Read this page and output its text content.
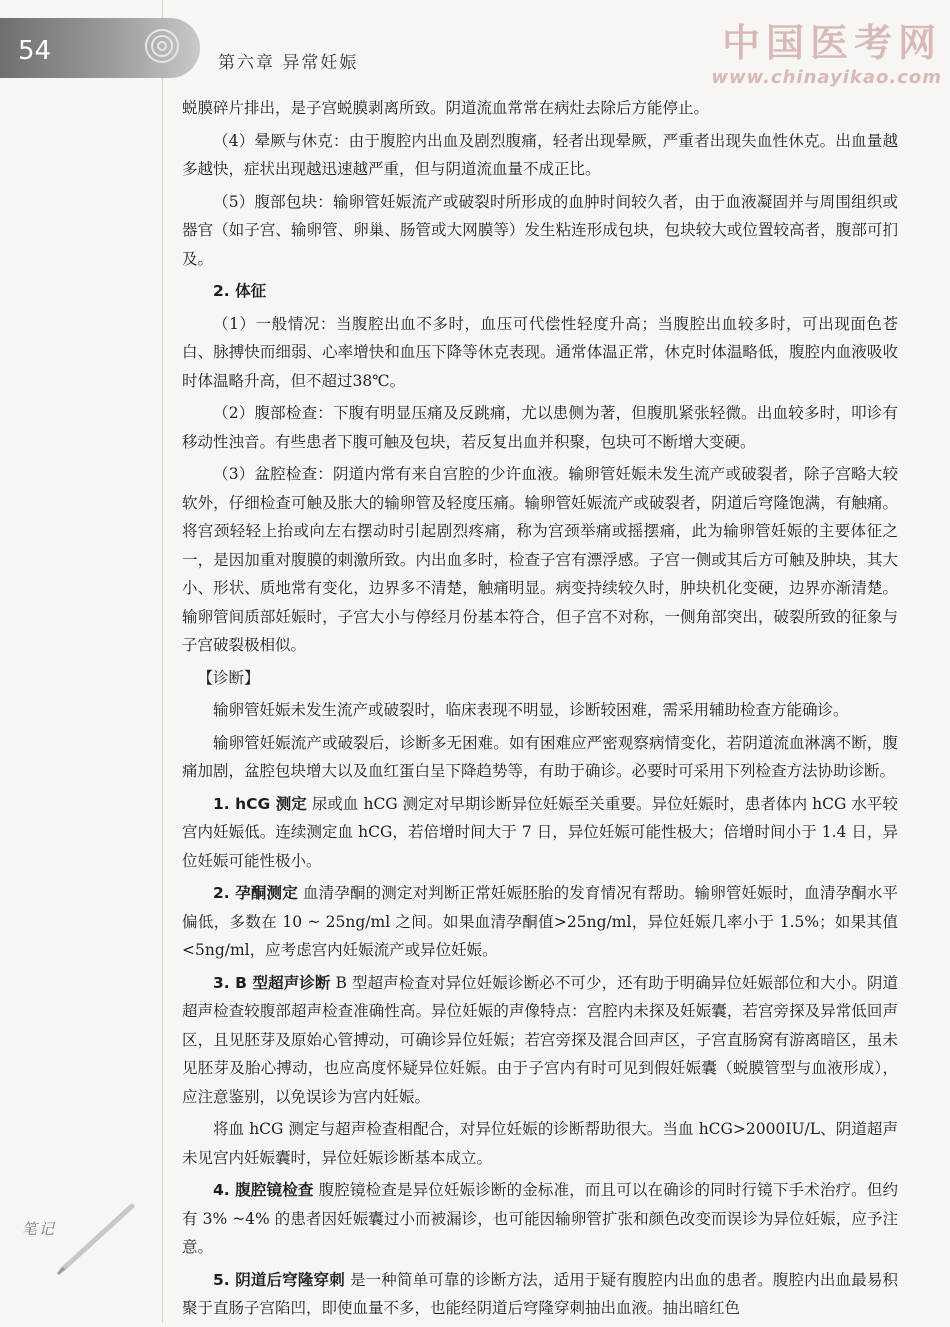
54	第六章 异常妊娠	中国医考网
www.chinayikao.com

蜕膜碎片排出，是子宫蜕膜剥离所致。阴道流血常常在病灶去除后方能停止。

（4）晕厥与休克：由于腹腔内出血及剧烈腹痛，轻者出现晕厥，严重者出现失血性休克。出血量越多越快，症状出现越迅速越严重，但与阴道流血量不成正比。

（5）腹部包块：输卵管妊娠流产或破裂时所形成的血肿时间较久者，由于血液凝固并与周围组织或器官（如子宫、输卵管、卵巢、肠管或大网膜等）发生粘连形成包块，包块较大或位置较高者，腹部可扪及。

2. 体征

（1）一般情况：当腹腔出血不多时，血压可代偿性轻度升高；当腹腔出血较多时，可出现面色苍白、脉搏快而细弱、心率增快和血压下降等休克表现。通常体温正常，休克时体温略低，腹腔内血液吸收时体温略升高，但不超过38℃。

（2）腹部检查：下腹有明显压痛及反跳痛，尤以患侧为著，但腹肌紧张轻微。出血较多时，叩诊有移动性浊音。有些患者下腹可触及包块，若反复出血并积聚，包块可不断增大变硬。

（3）盆腔检查：阴道内常有来自宫腔的少许血液。输卵管妊娠未发生流产或破裂者，除子宫略大较软外，仔细检查可触及胀大的输卵管及轻度压痛。输卵管妊娠流产或破裂者，阴道后穹隆饱满，有触痛。将宫颈轻轻上抬或向左右摆动时引起剧烈疼痛，称为宫颈举痛或摇摆痛，此为输卵管妊娠的主要体征之一，是因加重对腹膜的刺激所致。内出血多时，检查子宫有漂浮感。子宫一侧或其后方可触及肿块，其大小、形状、质地常有变化，边界多不清楚，触痛明显。病变持续较久时，肿块机化变硬，边界亦渐清楚。输卵管间质部妊娠时，子宫大小与停经月份基本符合，但子宫不对称，一侧角部突出，破裂所致的征象与子宫破裂极相似。

【诊断】

输卵管妊娠未发生流产或破裂时，临床表现不明显，诊断较困难，需采用辅助检查方能确诊。

输卵管妊娠流产或破裂后，诊断多无困难。如有困难应严密观察病情变化，若阴道流血淋漓不断，腹痛加剧，盆腔包块增大以及血红蛋白呈下降趋势等，有助于确诊。必要时可采用下列检查方法协助诊断。

1. hCG 测定 尿或血 hCG 测定对早期诊断异位妊娠至关重要。异位妊娠时，患者体内 hCG 水平较宫内妊娠低。连续测定血 hCG，若倍增时间大于 7 日，异位妊娠可能性极大；倍增时间小于 1.4 日，异位妊娠可能性极小。

2. 孕酮测定 血清孕酮的测定对判断正常妊娠胚胎的发育情况有帮助。输卵管妊娠时，血清孕酮水平偏低，多数在 10 ~ 25ng/ml 之间。如果血清孕酮值>25ng/ml，异位妊娠几率小于 1.5%；如果其值<5ng/ml，应考虑宫内妊娠流产或异位妊娠。

3. B 型超声诊断 B 型超声检查对异位妊娠诊断必不可少，还有助于明确异位妊娠部位和大小。阴道超声检查较腹部超声检查准确性高。异位妊娠的声像特点：宫腔内未探及妊娠囊，若宫旁探及异常低回声区，且见胚芽及原始心管搏动，可确诊异位妊娠；若宫旁探及混合回声区，子宫直肠窝有游离暗区，虽未见胚芽及胎心搏动，也应高度怀疑异位妊娠。由于子宫内有时可见到假妊娠囊（蜕膜管型与血液形成），应注意鉴别，以免误诊为宫内妊娠。

将血 hCG 测定与超声检查相配合，对异位妊娠的诊断帮助很大。当血 hCG>2000IU/L、阴道超声未见宫内妊娠囊时，异位妊娠诊断基本成立。

4. 腹腔镜检查 腹腔镜检查是异位妊娠诊断的金标准，而且可以在确诊的同时行镜下手术治疗。但约有 3% ~4% 的患者因妊娠囊过小而被漏诊，也可能因输卵管扩张和颜色改变而误诊为异位妊娠，应予注意。

5. 阴道后穹隆穿刺 是一种简单可靠的诊断方法，适用于疑有腹腔内出血的患者。腹腔内出血最易积聚于直肠子宫陷凹，即使血量不多，也能经阴道后穹隆穿刺抽出血液。抽出暗红色

笔记
